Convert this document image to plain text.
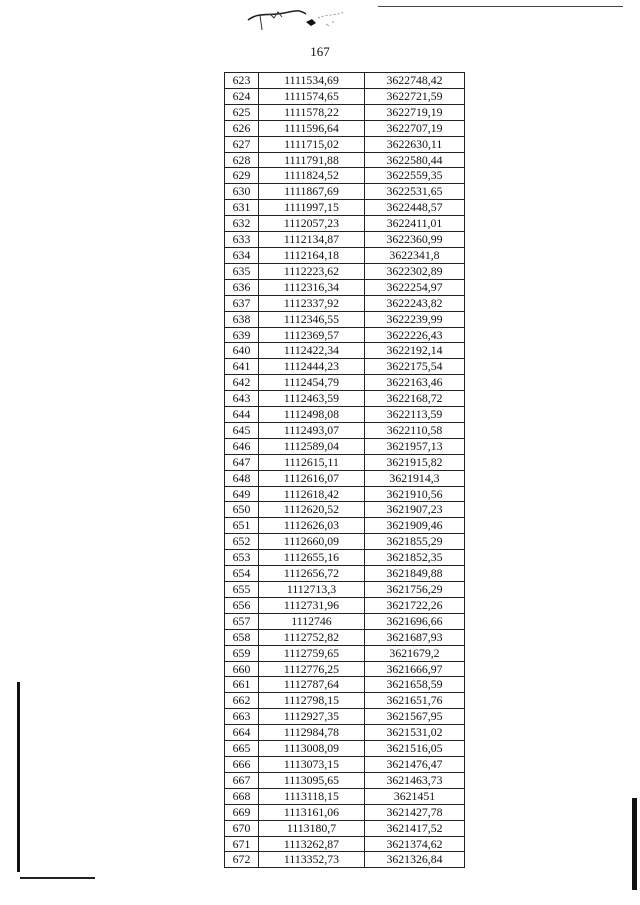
167
623	1111534,69	3622748,42
624	1111574,65	3622721,59
625	1111578,22	3622719,19
626	1111596,64	3622707,19
627	1111715,02	3622630,11
628	1111791,88	3622580,44
629	1111824,52	3622559,35
630	1111867,69	3622531,65
631	1111997,15	3622448,57
632	1112057,23	3622411,01
633	1112134,87	3622360,99
634	1112164,18	3622341,8
635	1112223,62	3622302,89
636	1112316,34	3622254,97
637	1112337,92	3622243,82
638	1112346,55	3622239,99
639	1112369,57	3622226,43
640	1112422,34	3622192,14
641	1112444,23	3622175,54
642	1112454,79	3622163,46
643	1112463,59	3622168,72
644	1112498,08	3622113,59
645	1112493,07	3622110,58
646	1112589,04	3621957,13
647	1112615,11	3621915,82
648	1112616,07	3621914,3
649	1112618,42	3621910,56
650	1112620,52	3621907,23
651	1112626,03	3621909,46
652	1112660,09	3621855,29
653	1112655,16	3621852,35
654	1112656,72	3621849,88
655	1112713,3	3621756,29
656	1112731,96	3621722,26
657	1112746	3621696,66
658	1112752,82	3621687,93
659	1112759,65	3621679,2
660	1112776,25	3621666,97
661	1112787,64	3621658,59
662	1112798,15	3621651,76
663	1112927,35	3621567,95
664	1112984,78	3621531,02
665	1113008,09	3621516,05
666	1113073,15	3621476,47
667	1113095,65	3621463,73
668	1113118,15	3621451
669	1113161,06	3621427,78
670	1113180,7	3621417,52
671	1113262,87	3621374,62
672	1113352,73	3621326,84
